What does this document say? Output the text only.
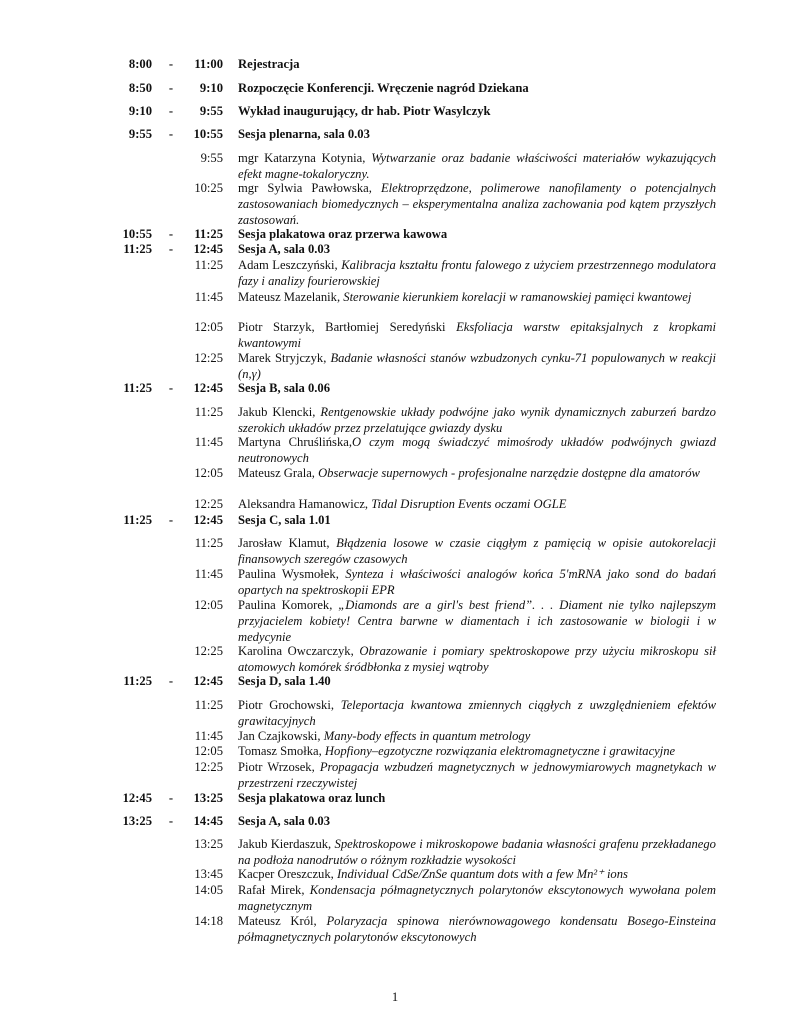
8:00 -	11:00 Rejestracja
8:50 -	9:10 Rozpoczęcie Konferencji. Wręczenie nagród Dziekana
9:10 -	9:55 Wykład inaugurujący, dr hab. Piotr Wasylczyk
9:55 -	10:55 Sesja plenarna, sala 0.03
9:55 mgr Katarzyna Kotynia, Wytwarzanie oraz badanie właściwości materiałów wykazujących efekt magne-tokaloryczny.
10:25 mgr Sylwia Pawłowska, Elektroprzędzone, polimerowe nanofilamenty o potencjalnych zastosowaniach biomedycznych – eksperymentalna analiza zachowania pod kątem przyszłych zastosowań.
10:55 -	11:25 Sesja plakatowa oraz przerwa kawowa
11:25 -	12:45 Sesja A, sala 0.03
11:25 Adam Leszczyński, Kalibracja kształtu frontu falowego z użyciem przestrzennego modulatora fazy i analizy fourierowskiej
11:45 Mateusz Mazelanik, Sterowanie kierunkiem korelacji w ramanowskiej pamięci kwantowej
12:05 Piotr Starzyk, Bartłomiej Seredyński Eksfoliacja warstw epitaksjalnych z kropkami kwantowymi
12:25 Marek Stryjczyk, Badanie własności stanów wzbudzonych cynku-71 populowanych w reakcji (n,γ)
11:25 -	12:45 Sesja B, sala 0.06
11:25 Jakub Klencki, Rentgenowskie układy podwójne jako wynik dynamicznych zaburzeń bardzo szerokich układów przez przelatujące gwiazdy dysku
11:45 Martyna Chruślińska,O czym mogą świadczyć mimośrody układów podwójnych gwiazd neutronowych
12:05 Mateusz Grala, Obserwacje supernowych - profesjonalne narzędzie dostępne dla amatorów
12:25 Aleksandra Hamanowicz, Tidal Disruption Events oczami OGLE
11:25 -	12:45 Sesja C, sala 1.01
11:25 Jarosław Klamut, Błądzenia losowe w czasie ciągłym z pamięcią w opisie autokorelacji finansowych szeregów czasowych
11:45 Paulina Wysmołek, Synteza i właściwości analogów końca 5'mRNA jako sond do badań opartych na spektroskopii EPR
12:05 Paulina Komorek, „Diamonds are a girl's best friend”. . . Diament nie tylko najlepszym przyjacielem kobiety! Centra barwne w diamentach i ich zastosowanie w biologii i w medycynie
12:25 Karolina Owczarczyk, Obrazowanie i pomiary spektroskopowe przy użyciu mikroskopu sił atomowych komórek śródbłonka z mysiej wątroby
11:25 -	12:45 Sesja D, sala 1.40
11:25 Piotr Grochowski, Teleportacja kwantowa zmiennych ciągłych z uwzględnieniem efektów grawitacyjnych
11:45 Jan Czajkowski, Many-body effects in quantum metrology
12:05 Tomasz Smołka, Hopfiony–egzotyczne rozwiązania elektromagnetyczne i grawitacyjne
12:25 Piotr Wrzosek, Propagacja wzbudzeń magnetycznych w jednowymiarowych magnetykach w przestrzeni rzeczywistej
12:45 -	13:25 Sesja plakatowa oraz lunch
13:25 -	14:45 Sesja A, sala 0.03
13:25 Jakub Kierdaszuk, Spektroskopowe i mikroskopowe badania własności grafenu przekładanego na podłoża nanodrutów o różnym rozkładzie wysokości
13:45 Kacper Oreszczuk, Individual CdSe/ZnSe quantum dots with a few Mn²⁺ ions
14:05 Rafał Mirek, Kondensacja półmagnetycznych polarytonów ekscytonowych wywołana polem magnetycznym
14:18 Mateusz Król, Polaryzacja spinowa nierównowagowego kondensatu Bosego-Einsteina półmagnetycznych polarytonów ekscytonowych
1
